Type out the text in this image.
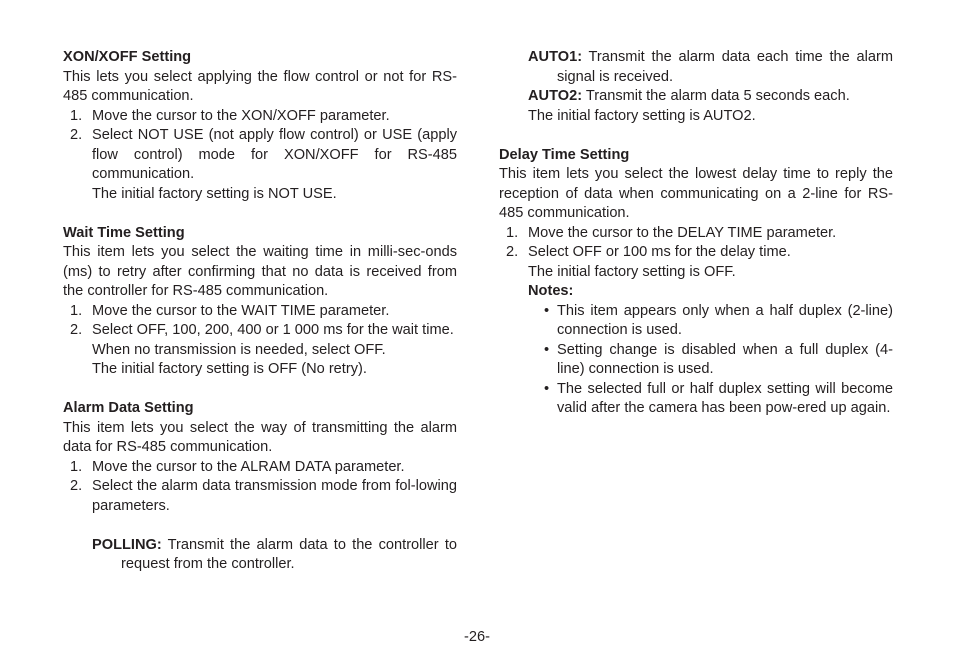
XON/XOFF Setting

This lets you select applying the flow control or not for RS-485 communication.

1. Move the cursor to the XON/XOFF parameter.

2. Select NOT USE (not apply flow control) or USE (apply flow control) mode for XON/XOFF for RS-485 communication.

The initial factory setting is NOT USE.

Wait Time Setting

This item lets you select the waiting time in milli-sec-onds (ms) to retry after confirming that no data is received from the controller for RS-485 communication.

1. Move the cursor to the WAIT TIME parameter.

2. Select OFF, 100, 200, 400 or 1 000 ms for the wait time.

When no transmission is needed, select OFF.

The initial factory setting is OFF (No retry).

Alarm Data Setting

This item lets you select the way of transmitting the alarm data for RS-485 communication.

1. Move the cursor to the ALRAM DATA parameter.

2. Select the alarm data transmission mode from fol-lowing parameters.

POLLING: Transmit the alarm data to the controller to request from the controller.

AUTO1: Transmit the alarm data each time the alarm signal is received.

AUTO2: Transmit the alarm data 5 seconds each.

The initial factory setting is AUTO2.

Delay Time Setting

This item lets you select the lowest delay time to reply the reception of data when communicating on a 2-line for RS-485 communication.

1. Move the cursor to the DELAY TIME parameter.

2. Select OFF or 100 ms for the delay time.

The initial factory setting is OFF.

Notes:

• This item appears only when a half duplex (2-line) connection is used.

• Setting change is disabled when a full duplex (4-line) connection is used.

• The selected full or half duplex setting will become valid after the camera has been pow-ered up again.

-26-
